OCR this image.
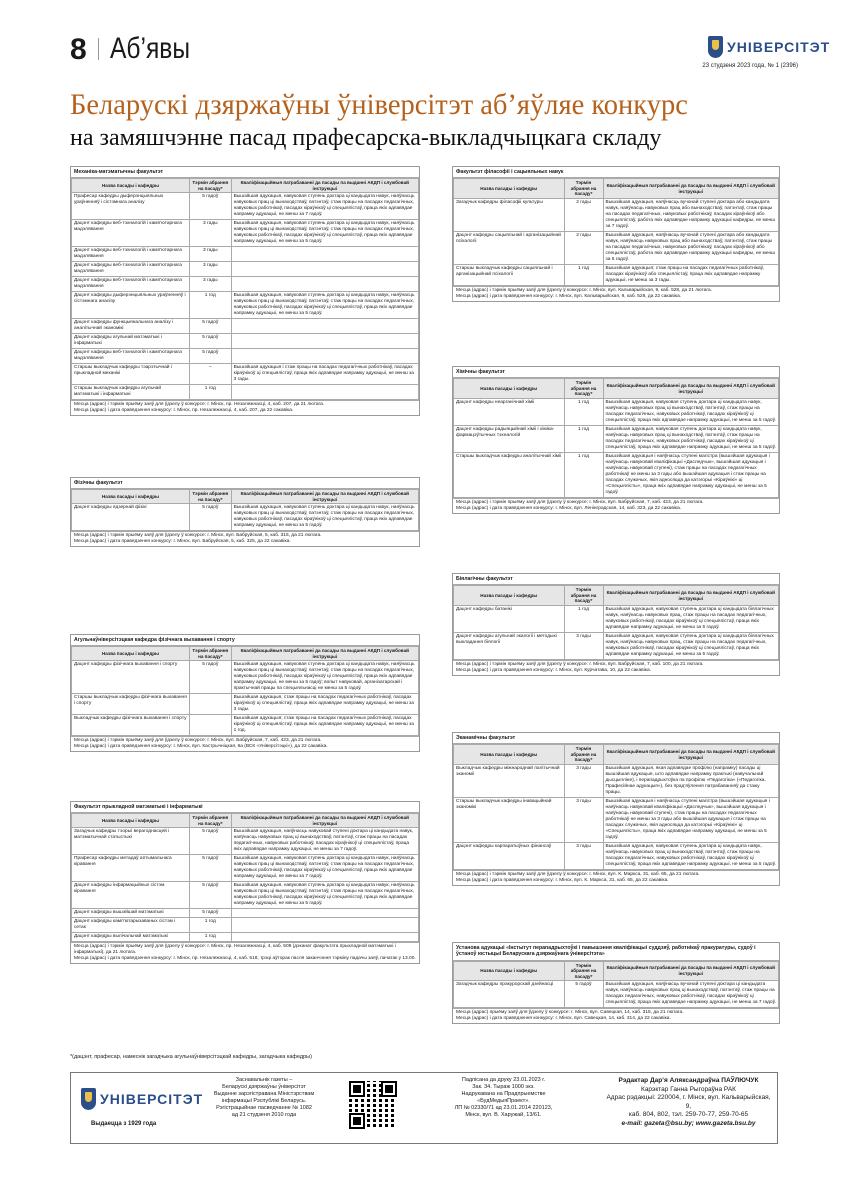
8 Аб’явы	УНІВЕРСІТЭТ
23 студзеня 2023 года, № 1 (2396)
Беларускі дзяржаўны ўніверсітэт аб’яўляе конкурс
на замяшчэнне пасад прафесарска-выкладчыцкага складу
Механіка-матэматычны факультэт
Назва пасады і кафедры	Тэрмін абрання на пасаду*	Кваліфікацыйныя патрабаванні да пасады па выданні АКДП і службовай інструкцыі
Прафесар кафедры дыферэнцыяльных ураўненняў і сістэмнага аналізу	5 гадоў	Вышэйшая адукацыя, навуковая ступень доктара ці кандыдата навук, наяўнасць навуковых прац ці вынаходстваў, патэнтаў, стаж працы на пасадах педагагічных, навуковых работнікаў, пасадах кіраўнікоў ці спецыялістаў, праца якіх адпавядае напрамку адукацыі, не менш за 7 гадоў.
Дацэнт кафедры веб-тэхналогій і камп’ютарнага мадэлявання	3 гады	Вышэйшая адукацыя, навуковая ступень доктара ці кандыдата навук, наяўнасць навуковых прац ці вынаходстваў, патэнтаў, стаж працы на пасадах педагагічных, навуковых работнікаў, пасадах кіраўнікоў ці спецыялістаў, праца якіх адпавядае напрамку адукацыі, не менш за 5 гадоў.
Дацэнт кафедры веб-тэхналогій і камп’ютарнага мадэлявання	3 гады	
Дацэнт кафедры веб-тэхналогій і камп’ютарнага мадэлявання	3 гады	
Дацэнт кафедры веб-тэхналогій і камп’ютарнага мадэлявання	3 гады	
Дацэнт кафедры дыферэнцыяльных ураўненняў і сістэмнага аналізу	1 год	Вышэйшая адукацыя, навуковая ступень доктара ці кандыдата навук, наяўнасць навуковых прац ці вынаходстваў, патэнтаў, стаж працы на пасадах педагагічных, навуковых работнікаў, пасадах кіраўнікоў ці спецыялістаў, праца якіх адпавядае напрамку адукацыі, не менш за 5 гадоў.
Дацэнт кафедры функцыянальнага аналізу і аналітычнай эканомікі	5 гадоў	
Дацэнт кафедры агульнай матэматыкі і інфарматыкі	5 гадоў	
Дацэнт кафедры веб-тэхналогій і камп’ютарнага мадэлявання	5 гадоў	
Старшы выкладчык кафедры тэарэтычнай і прыкладной механікі	–	Вышэйшая адукацыя і стаж працы на пасадах педагагічных работнікаў, пасадах кіраўнікоў ці спецыялістаў, праца якіх адпавядае напрамку адукацыі, не менш за 3 гады.
Старшы выкладчык кафедры агульнай матэматыкі і інфарматыкі	1 год	
Месца (адрас) і тэрмін прыёму заяў для ўдзелу ў конкурсе: г. Мінск, пр. Незалежнасці, 4, каб. 207, да 21 лютага.
Месца (адрас) і дата правядзення конкурсу: г. Мінск, пр. Незалежнасці, 4, каб. 207, да 22 сакавіка.
Фізічны факультэт
Назва пасады і кафедры	Тэрмін абрання на пасаду*	Кваліфікацыйныя патрабаванні да пасады па выданні АКДП і службовай інструкцыі
Дацэнт кафедры ядзернай фізікі	5 гадоў	Вышэйшая адукацыя, навуковая ступень доктара ці кандыдата навук, наяўнасць навуковых прац ці вынаходстваў, патэнтаў, стаж працы на пасадах педагагічных, навуковых работнікаў, пасадах кіраўнікоў ці спецыялістаў, праца якіх адпавядае напрамку адукацыі, не менш за 5 гадоў.
Месца (адрас) і тэрмін прыёму заяў для ўдзелу ў конкурсе: г. Мінск, вул. Бабруйская, 5, каб. 315, да 21 лютага.
Месца (адрас) і дата правядзення конкурсу: г. Мінск, вул. Бабруйская, 5, каб. 325, да 22 сакавіка.
Агульнаўніверсітэцкая кафедра фізічнага выхавання і спорту
Назва пасады і кафедры	Тэрмін абрання на пасаду*	Кваліфікацыйныя патрабаванні да пасады па выданні АКДП і службовай інструкцыі
Дацэнт кафедры фізічнага выхавання і спорту	5 гадоў	Вышэйшая адукацыя, навуковая ступень доктара ці кандыдата навук, наяўнасць навуковых прац ці вынаходстваў, патэнтаў, стаж працы на пасадах педагагічных, навуковых работнікаў, пасадах кіраўнікоў ці спецыялістаў, праца якіх адпавядае напрамку адукацыі, не менш за 5 гадоў; вопыт навуковай, арганізатарскай і практычнай працы па спецыяльнасці не менш за 5 гадоў.
Старшы выкладчык кафедры фізічнага выхавання і спорту		Вышэйшая адукацыя, стаж працы на пасадах педагагічных работнікаў, пасадах кіраўнікоў ці спецыялістаў, праца якіх адпавядае напрамку адукацыі, не менш за 3 гады.
Выкладчык кафедры фізічнага выхавання і спорту		Вышэйшая адукацыя; стаж працы на пасадах педагагічных работнікаў, пасадах кіраўнікоў ці спецыялістаў, праца якіх адпавядае напрамку адукацыі, не менш за 1 год.
Месца (адрас) і тэрмін прыёму заяў для ўдзелу ў конкурсе: г. Мінск, вул. Бабруйская, 7, каб. 423, да 21 лютага.
Месца (адрас) і дата правядзення конкурсу: г. Мінск, вул. Кастрычніцкая, 6а (ВСК «Універсітэцкі»), да 22 сакавіка.
Факультэт прыкладной матэматыкі і інфарматыкі
Назва пасады і кафедры	Тэрмін абрання на пасаду*	Кваліфікацыйныя патрабаванні да пасады па выданні АКДП і службовай інструкцыі
Загадчык кафедры тэорыі верагоднасцей і матэматычнай статыстыкі	5 гадоў	Вышэйшая адукацыя, наяўнасць навуковай ступені доктара ці кандыдата навук, наяўнасць навуковых прац ці вынаходстваў, патэнтаў, стаж працы на пасадах педагагічных, навуковых работнікаў, пасадах кіраўнікоў ці спецыялістаў, праца якіх адпавядае напрамку адукацыі, не менш за 7 гадоў.
Прафесар кафедры метадаў аптымальнага кіравання	5 гадоў	Вышэйшая адукацыя, навуковая ступень доктара ці кандыдата навук, наяўнасць навуковых прац ці вынаходстваў, патэнтаў, стаж працы на пасадах педагагічных, навуковых работнікаў, пасадах кіраўнікоў ці спецыялістаў, праца якіх адпавядае напрамку адукацыі, не менш за 7 гадоў.
Дацэнт кафедры інфармацыйных сістэм кіравання	5 гадоў	Вышэйшая адукацыя, навуковая ступень доктара ці кандыдата навук, наяўнасць навуковых прац ці вынаходстваў, патэнтаў, стаж працы на пасадах педагагічных, навуковых работнікаў, пасадах кіраўнікоў ці спецыялістаў, праца якіх адпавядае напрамку адукацыі, не менш за 5 гадоў.
Дацэнт кафедры вышэйшай матэматыкі	5 гадоў	
Дацэнт кафедры камп’ютарызаваных сістэм і сетак	1 год	
Дацэнт кафедры вылічальнай матэматыкі	1 год	
Месца (адрас) і тэрмін прыёму заяў для ўдзелу ў конкурсе: г. Мінск, пр. Незалежнасці, 4, каб. 509 (дэканат факультэта прыкладной матэматыкі і інфарматыкі), да 21 лютага.
Месца (адрас) і дата правядзення конкурсу: г. Мінск, пр. Незалежнасці, 4, каб. 518, трэці аўторак пасля заканчэння тэрміну падачы заяў, пачатак у 13.00.
Факультэт філасофіі і сацыяльных навук
Назва пасады і кафедры	Тэрмін абрання на пасаду*	Кваліфікацыйныя патрабаванні да пасады па выданні АКДП і службовай інструкцыі
Загадчык кафедры філасофіі культуры	2 гады	Вышэйшая адукацыя, наяўнасць вучонай ступені доктара або кандыдата навук, наяўнасць навуковых прац або вынаходстваў, патэнтаў, стаж працы на пасадах педагагічных, навуковых работнікаў, пасадах кіраўнікоў або спецыялістаў, работа якіх адпавядае напрамку адукацыі кафедры, не менш за 7 гадоў.
Дацэнт кафедры сацыяльнай і арганізацыйнай псіхалогіі	2 гады	Вышэйшая адукацыя, наяўнасць вучонай ступені доктара або кандыдата навук, наяўнасць навуковых прац або вынаходстваў, патэнтаў, стаж працы на пасадах педагагічных, навуковых работнікаў, пасадах кіраўнікоў або спецыялістаў, работа якіх адпавядае напрамку адукацыі кафедры, не менш за 5 гадоў.
Старшы выкладчык кафедры сацыяльнай і арганізацыйнай псіхалогіі	1 год	Вышэйшая адукацыя; стаж працы на пасадах педагагічных работнікаў, пасадах кіраўнікоў або спецыялістаў, праца якіх адпавядае напрамку адукацыі, не менш за 3 гады.
Месца (адрас) і тэрмін прыёму заяў для ўдзелу ў конкурсе: г. Мінск, вул. Кальварыйская, 9, каб. 528, да 21 лютага.
Месца (адрас) і дата правядзення конкурсу: г. Мінск, вул. Кальварыйская, 9, каб. 528, да 22 сакавіка.
Хімічны факультэт
Назва пасады і кафедры	Тэрмін абрання на пасаду*	Кваліфікацыйныя патрабаванні да пасады па выданні АКДП і службовай інструкцыі
Дацэнт кафедры неарганічнай хіміі	1 год	Вышэйшая адукацыя, навуковая ступень доктара ці кандыдата навук, наяўнасць навуковых прац ці вынаходстваў, патэнтаў, стаж працы на пасадах педагагічных, навуковых работнікаў, пасадах кіраўнікоў ці спецыялістаў, праца якіх адпавядае напрамку адукацыі, не менш за 5 гадоў.
Дацэнт кафедры радыяцыйнай хіміі і хіміка-фармацэўтычных тэхналогій	1 год	Вышэйшая адукацыя, навуковая ступень доктара ці кандыдата навук, наяўнасць навуковых прац ці вынаходстваў, патэнтаў, стаж працы на пасадах педагагічных, навуковых работнікаў, пасадах кіраўнікоў ці спецыялістаў, праца якіх адпавядае напрамку адукацыі, не менш за 5 гадоў.
Старшы выкладчык кафедры аналітычнай хіміі	1 год	Вышэйшая адукацыя і наяўнасць ступені магістра (вышэйшая адукацыя і наяўнасць навуковай кваліфікацыі «Даследчык», вышэйшая адукацыя і наяўнасць навуковай ступені), стаж працы на пасадах педагагічных работнікаў не менш за 3 гады або вышэйшая адукацыя і стаж працы на пасадах служачых, якія адносяцца да катэгорыі «Кіраўнікі» ці «Спецыялісты», праца якіх адпавядае напрамку адукацыі, не менш за 5 гадоў.
Месца (адрас) і тэрмін прыёму заяў для ўдзелу ў конкурсе: г. Мінск, вул. Бабруйская, 7, каб. 423, да 21 лютага.
Месца (адрас) і дата правядзення конкурсу: г. Мінск, вул. Ленінградская, 14, каб. 323, да 22 сакавіка.
Біялагічны факультэт
Назва пасады і кафедры	Тэрмін абрання на пасаду*	Кваліфікацыйныя патрабаванні да пасады па выданні АКДП і службовай інструкцыі
Дацэнт кафедры батанікі	1 год	Вышэйшая адукацыя, навуковая ступень доктара ці кандыдата біялагічных навук, наяўнасць навуковых прац, стаж працы на пасадах педагагічных, навуковых работнікаў, пасадах кіраўнікоў ці спецыялістаў, праца якіх адпавядае напрамку адукацыі, не менш за 5 гадоў.
Дацэнт кафедры агульнай экалогіі і методыкі выкладання біялогіі	3 гады	Вышэйшая адукацыя, навуковая ступень доктара ці кандыдата біялагічных навук, наяўнасць навуковых прац, стаж працы на пасадах педагагічных, навуковых работнікаў, пасадах кіраўнікоў ці спецыялістаў, праца якіх адпавядае напрамку адукацыі, не менш за 5 гадоў.
Месца (адрас) і тэрмін прыёму заяў для ўдзелу ў конкурсе: г. Мінск, вул. Бабруйская, 7, каб. 100, да 21 лютага.
Месца (адрас) і дата правядзення конкурсу: г. Мінск, вул. Курчатава, 10, да 22 сакавіка.
Эканамічны факультэт
Назва пасады і кафедры	Тэрмін абрання на пасаду*	Кваліфікацыйныя патрабаванні да пасады па выданні АКДП і службовай інструкцыі
Выкладчык кафедры міжнароднай палітычнай эканоміі	3 гады	Вышэйшая адукацыя, якая адпавядае профілю (напрамку) пасады ці вышэйшая адукацыя, што адпавядае напрамку практыкі (навучальнай дысцыпліне), і перападрыхтоўка па профілю «Педагогіка» («Педагогіка. Прафесійнае адукацыя»), без прад’яўлення патрабаванняў да стажу працы.
Старшы выкладчык кафедры інавацыйнай эканомікі	3 гады	Вышэйшая адукацыя і наяўнасць ступені магістра (вышэйшая адукацыя і наяўнасць навуковай кваліфікацыі «Даследчык», вышэйшая адукацыя і наяўнасць навуковай ступені), стаж працы на пасадах педагагічных работнікаў не менш за 3 гады або вышэйшая адукацыя і стаж працы на пасадах служачых, якія адносяцца да катэгорыі «Кіраўнікі» ці «Спецыялісты», праца якіх адпавядае напрамку адукацыі, не менш за 5 гадоў.
Дацэнт кафедры карпаратыўных фінансаў	3 гады	Вышэйшая адукацыя, навуковая ступень доктара ці кандыдата навук, наяўнасць навуковых прац ці вынаходстваў, патэнтаў, стаж працы на пасадах педагагічных, навуковых работнікаў, пасадах кіраўнікоў ці спецыялістаў, праца якіх адпавядае напрамку адукацыі, не менш за 5 гадоў.
Месца (адрас) і тэрмін прыёму заяў для ўдзелу ў конкурсе: г. Мінск, вул. К. Маркса, 31, каб. 65, да 21 лютага.
Месца (адрас) і дата правядзення конкурсу: г. Мінск, вул. К. Маркса, 31, каб. 65, да 22 сакавіка.
Установа адукацыі «Інстытут перападрыхтоўкі і павышэння кваліфікацыі суддзяў, работнікаў пракуратуры, судоў і ўстаноў юстыцыі Беларускага дзяржаўнага ўніверсітэта»
Назва пасады і кафедры	Тэрмін абрання на пасаду*	Кваліфікацыйныя патрабаванні да пасады па выданні АКДП і службовай інструкцыі
Загадчык кафедры пракурорскай дзейнасці	5 гадоў	Вышэйшая адукацыя, наяўнасць вучонай ступені доктара ці кандыдата навук, наяўнасць навуковых прац ці вынаходстваў, патэнтаў, стаж працы на пасадах педагагічных, навуковых работнікаў, пасадах кіраўнікоў ці спецыялістаў, праца якіх адпавядае напрамку адукацыі, не менш за 7 гадоў.
Месца (адрас) прыёму заяў для ўдзелу ў конкурсе: г. Мінск, вул. Савецкая, 14, каб. 315, да 21 лютага.
Месца (адрас) і дата правядзення конкурсу: г. Мінск, вул. Савецкая, 14, каб. 314, да 22 сакавіка.
*(дацэнт, прафесар, намеснік загадчыка агульнаўніверсітэцкай кафедры, загадчыка кафедры)
УНІВЕРСІТЭТ
Выдаецца з 1929 года
Заснавальнік газеты –
Беларускі дзяржаўны ўніверсітэт
Выданне зарэгістравана Міністэрствам
інфармацыі Рэспублікі Беларусь.
Рэгістрацыйнае пасведчанне № 1082
ад 21 студзеня 2010 года
Падпісана да друку 23.01.2023 г.
Зак. 34. Тыраж 1000 экз.
Надрукавана на Прадпрыемстве
«БудМедыяПраект».
ЛП № 02330/71 ад 23.01.2014 220123,
Мінск, вул. В. Харужай, 13/61.
Рэдактар Дар’я Аляксандраўна ПАЎЛЮЧУК
Карэктар Ганна Рыгораўна РАК
Адрас рэдакцыі: 220004, г. Мінск, вул. Кальварыйская, 9,
каб. 804, 802, тэл. 259-70-77, 259-70-65
e-mail: gazeta@bsu.by; www.gazeta.bsu.by
